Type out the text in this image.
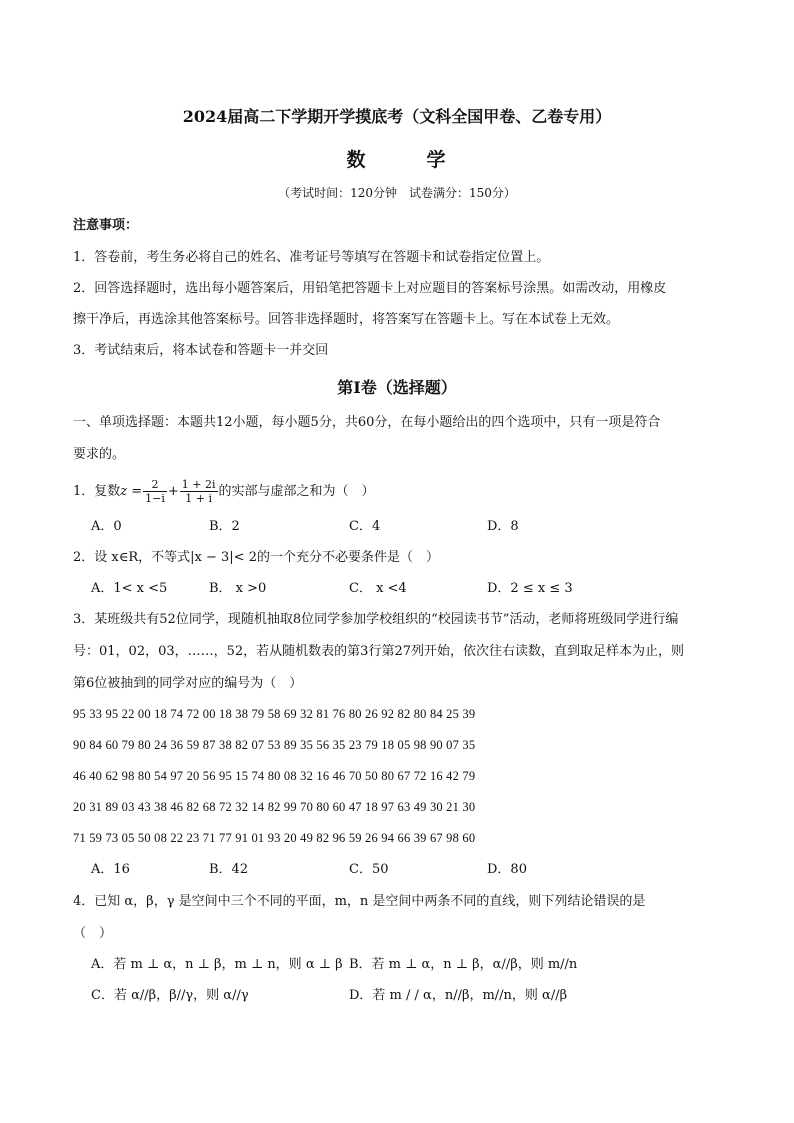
2024届高二下学期开学摸底考（文科全国甲卷、乙卷专用）
数	学
（考试时间：120分钟　试卷满分：150分）
注意事项：
1．答卷前，考生务必将自己的姓名、准考证号等填写在答题卡和试卷指定位置上。
2．回答选择题时，选出每小题答案后，用铅笔把答题卡上对应题目的答案标号涂黑。如需改动，用橡皮
擦干净后，再选涂其他答案标号。回答非选择题时，将答案写在答题卡上。写在本试卷上无效。
3．考试结束后，将本试卷和答题卡一并交回
第I卷（选择题）
一、单项选择题：本题共12小题，每小题5分，共60分，在每小题给出的四个选项中，只有一项是符合
要求的。
1．复数$z = \frac{2}{1-i} + \frac{1 + 2i}{1 + i}$ 的实部与虚部之和为（　）
A．0	B．2	C．4	D．8
2．设 x∈R，不等式|x − 3|< 2的一个充分不必要条件是（　）
A．1< x <5	B． x >0	C． x <4	D．2 ≤ x ≤ 3
3．某班级共有52位同学，现随机抽取8位同学参加学校组织的“校园读书节”活动，老师将班级同学进行编
号：01，02，03，……，52，若从随机数表的第3行第27列开始，依次往右读数，直到取足样本为止，则
第6位被抽到的同学对应的编号为（　）
95 33 95 22 00 18 74 72 00 18 38 79 58 69 32 81 76 80 26 92 82 80 84 25 39
90 84 60 79 80 24 36 59 87 38 82 07 53 89 35 56 35 23 79 18 05 98 90 07 35
46 40 62 98 80 54 97 20 56 95 15 74 80 08 32 16 46 70 50 80 67 72 16 42 79
20 31 89 03 43 38 46 82 68 72 32 14 82 99 70 80 60 47 18 97 63 49 30 21 30
71 59 73 05 50 08 22 23 71 77 91 01 93 20 49 82 96 59 26 94 66 39 67 98 60
A．16	B．42	C．50	D．80
4．已知 α，β，γ 是空间中三个不同的平面，m，n 是空间中两条不同的直线，则下列结论错误的是
（　）
A．若 m ⊥ α，n ⊥ β，m ⊥ n，则 α ⊥ β B．若 m ⊥ α，n ⊥ β，α//β，则 m//n
C．若 α//β，β//γ，则 α//γ	D．若 m / / α，n//β，m//n，则 α//β
